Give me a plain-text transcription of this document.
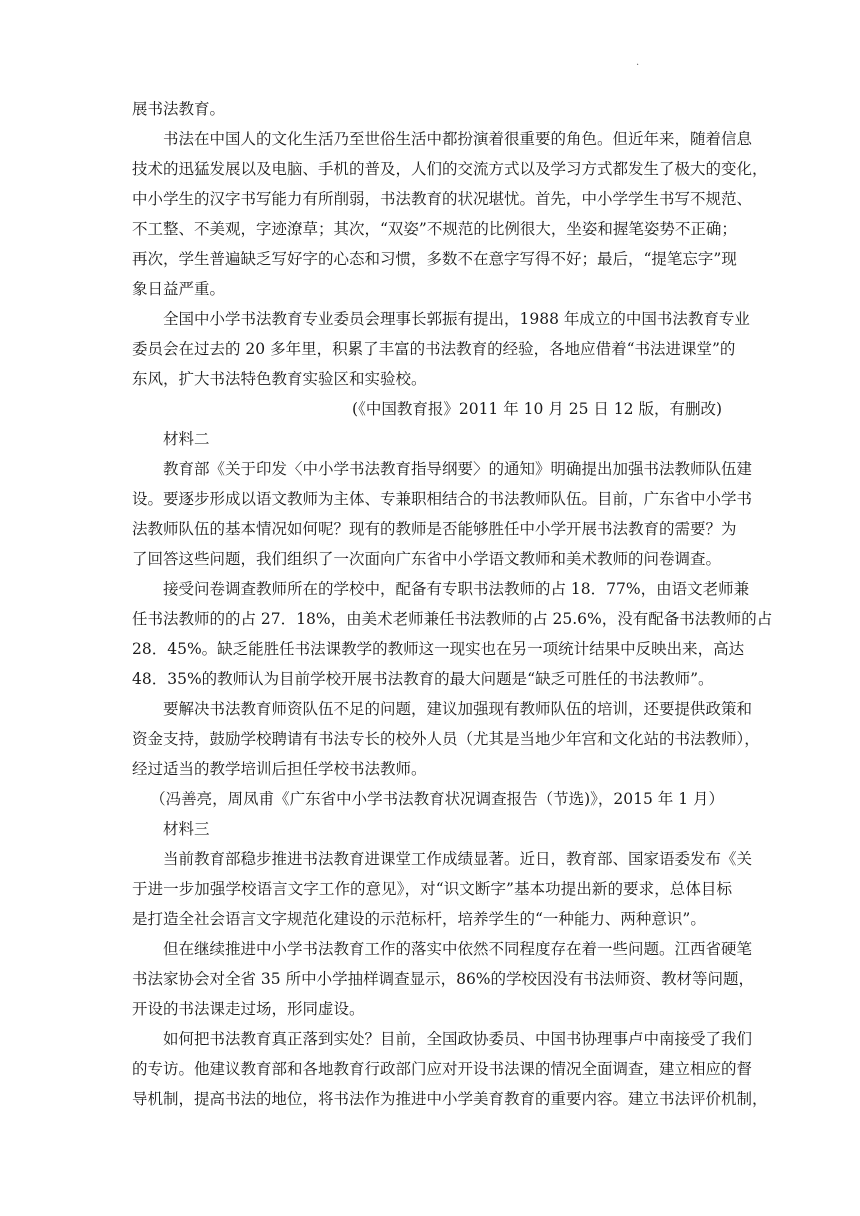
.
展书法教育。
书法在中国人的文化生活乃至世俗生活中都扮演着很重要的角色。但近年来，随着信息
技术的迅猛发展以及电脑、手机的普及，人们的交流方式以及学习方式都发生了极大的变化，
中小学生的汉字书写能力有所削弱，书法教育的状况堪忧。首先，中小学学生书写不规范、
不工整、不美观，字迹潦草；其次，“双姿”不规范的比例很大，坐姿和握笔姿势不正确；
再次，学生普遍缺乏写好字的心态和习惯，多数不在意字写得不好；最后，“提笔忘字”现
象日益严重。
全国中小学书法教育专业委员会理事长郭振有提出，1988 年成立的中国书法教育专业
委员会在过去的 20 多年里，积累了丰富的书法教育的经验，各地应借着“书法进课堂”的
东风，扩大书法特色教育实验区和实验校。
(《中国教育报》2011 年 10 月 25 日 12 版，有删改)
材料二
教育部《关于印发〈中小学书法教育指导纲要〉的通知》明确提出加强书法教师队伍建
设。要逐步形成以语文教师为主体、专兼职相结合的书法教师队伍。目前，广东省中小学书
法教师队伍的基本情况如何呢？现有的教师是否能够胜任中小学开展书法教育的需要？为
了回答这些问题，我们组织了一次面向广东省中小学语文教师和美术教师的问卷调查。
接受问卷调查教师所在的学校中，配备有专职书法教师的占 18．77%，由语文老师兼
任书法教师的的占 27．18%，由美术老师兼任书法教师的占 25.6%，没有配备书法教师的占
28．45%。缺乏能胜任书法课教学的教师这一现实也在另一项统计结果中反映出来，高达
48．35%的教师认为目前学校开展书法教育的最大问题是“缺乏可胜任的书法教师”。
要解决书法教育师资队伍不足的问题，建议加强现有教师队伍的培训，还要提供政策和
资金支持，鼓励学校聘请有书法专长的校外人员（尤其是当地少年宫和文化站的书法教师），
经过适当的教学培训后担任学校书法教师。
（冯善亮，周凤甫《广东省中小学书法教育状况调查报告（节选)》，2015 年 1 月）
材料三
当前教育部稳步推进书法教育进课堂工作成绩显著。近日，教育部、国家语委发布《关
于进一步加强学校语言文字工作的意见》，对“识文断字”基本功提出新的要求，总体目标
是打造全社会语言文字规范化建设的示范标杆，培养学生的“一种能力、两种意识”。
但在继续推进中小学书法教育工作的落实中依然不同程度存在着一些问题。江西省硬笔
书法家协会对全省 35 所中小学抽样调查显示，86%的学校因没有书法师资、教材等问题，
开设的书法课走过场，形同虚设。
如何把书法教育真正落到实处？目前，全国政协委员、中国书协理事卢中南接受了我们
的专访。他建议教育部和各地教育行政部门应对开设书法课的情况全面调查，建立相应的督
导机制，提高书法的地位，将书法作为推进中小学美育教育的重要内容。建立书法评价机制，
